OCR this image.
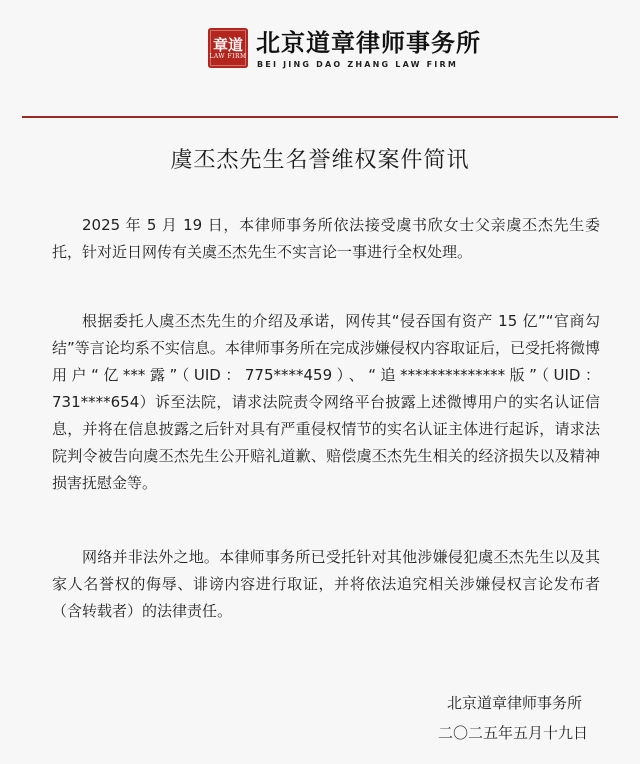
章道
LAW FIRM 北京道章律师事务所
BEI JING DAO ZHANG LAW FIRM
虞丕杰先生名誉维权案件简讯

2025 年 5 月 19 日，本律师事务所依法接受虞书欣女士父亲虞丕杰先生委托，针对近日网传有关虞丕杰先生不实言论一事进行全权处理。

根据委托人虞丕杰先生的介绍及承诺，网传其“侵吞国有资产 15 亿”“官商勾结”等言论均系不实信息。本律师事务所在完成涉嫌侵权内容取证后，已受托将微博用户“亿***露”（UID：775****459）、“追**************版”（UID：731****654）诉至法院，请求法院责令网络平台披露上述微博用户的实名认证信息，并将在信息披露之后针对具有严重侵权情节的实名认证主体进行起诉，请求法院判令被告向虞丕杰先生公开赔礼道歉、赔偿虞丕杰先生相关的经济损失以及精神损害抚慰金等。

网络并非法外之地。本律师事务所已受托针对其他涉嫌侵犯虞丕杰先生以及其家人名誉权的侮辱、诽谤内容进行取证，并将依法追究相关涉嫌侵权言论发布者（含转载者）的法律责任。

北京道章律师事务所
二〇二五年五月十九日
